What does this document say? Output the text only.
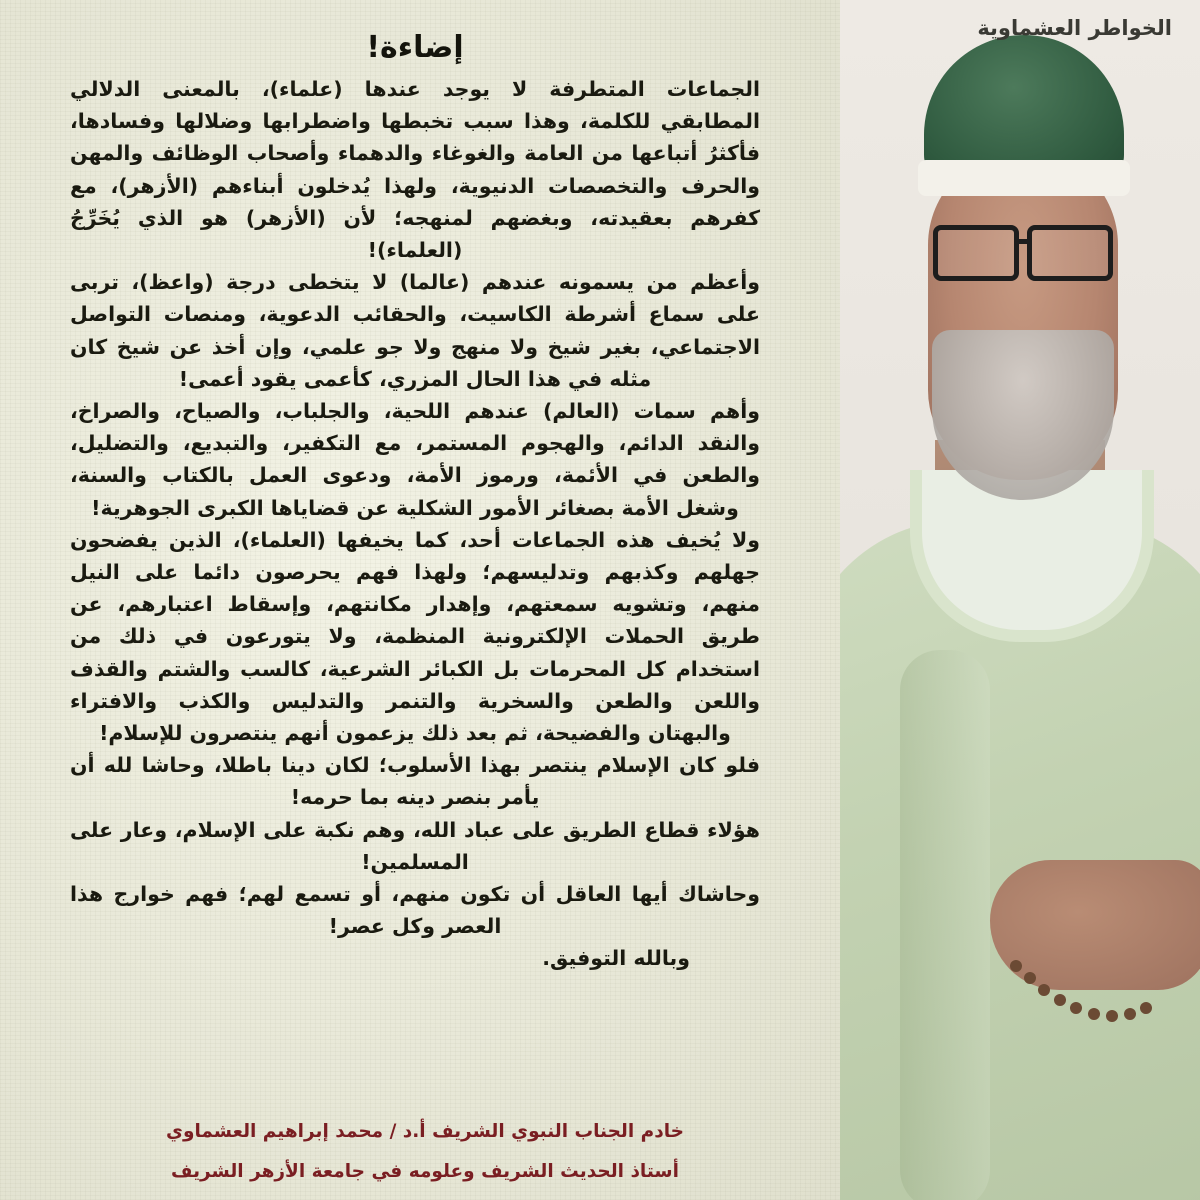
إضاءة!

الجماعات المتطرفة لا يوجد عندها (علماء)، بالمعنى الدلالي المطابقي للكلمة، وهذا سبب تخبطها واضطرابها وضلالها وفسادها، فأكثرُ أتباعها من العامة والغوغاء والدهماء وأصحاب الوظائف والمهن والحرف والتخصصات الدنيوية، ولهذا يُدخلون أبناءهم (الأزهر)، مع كفرهم بعقيدته، وبغضهم لمنهجه؛ لأن (الأزهر) هو الذي يُخَرِّجُ (العلماء)!

وأعظم من يسمونه عندهم (عالما) لا يتخطى درجة (واعظ)، تربى على سماع أشرطة الكاسيت، والحقائب الدعوية، ومنصات التواصل الاجتماعي، بغير شيخ ولا منهج ولا جو علمي، وإن أخذ عن شيخ كان مثله في هذا الحال المزري، كأعمى يقود أعمى!

وأهم سمات (العالم) عندهم اللحية، والجلباب، والصياح، والصراخ، والنقد الدائم، والهجوم المستمر، مع التكفير، والتبديع، والتضليل، والطعن في الأئمة، ورموز الأمة، ودعوى العمل بالكتاب والسنة، وشغل الأمة بصغائر الأمور الشكلية عن قضاياها الكبرى الجوهرية!

ولا يُخيف هذه الجماعات أحد، كما يخيفها (العلماء)، الذين يفضحون جهلهم وكذبهم وتدليسهم؛ ولهذا فهم يحرصون دائما على النيل منهم، وتشويه سمعتهم، وإهدار مكانتهم، وإسقاط اعتبارهم، عن طريق الحملات الإلكترونية المنظمة، ولا يتورعون في ذلك من استخدام كل المحرمات بل الكبائر الشرعية، كالسب والشتم والقذف واللعن والطعن والسخرية والتنمر والتدليس والكذب والافتراء والبهتان والفضيحة، ثم بعد ذلك يزعمون أنهم ينتصرون للإسلام!

فلو كان الإسلام ينتصر بهذا الأسلوب؛ لكان دينا باطلا، وحاشا لله أن يأمر بنصر دينه بما حرمه!

هؤلاء قطاع الطريق على عباد الله، وهم نكبة على الإسلام، وعار على المسلمين!

وحاشاك أيها العاقل أن تكون منهم، أو تسمع لهم؛ فهم خوارج هذا العصر وكل عصر!

وبالله التوفيق.

خادم الجناب النبوي الشريف أ.د / محمد إبراهيم العشماوي

أستاذ الحديث الشريف وعلومه في جامعة الأزهر الشريف

الخواطر العشماوية
